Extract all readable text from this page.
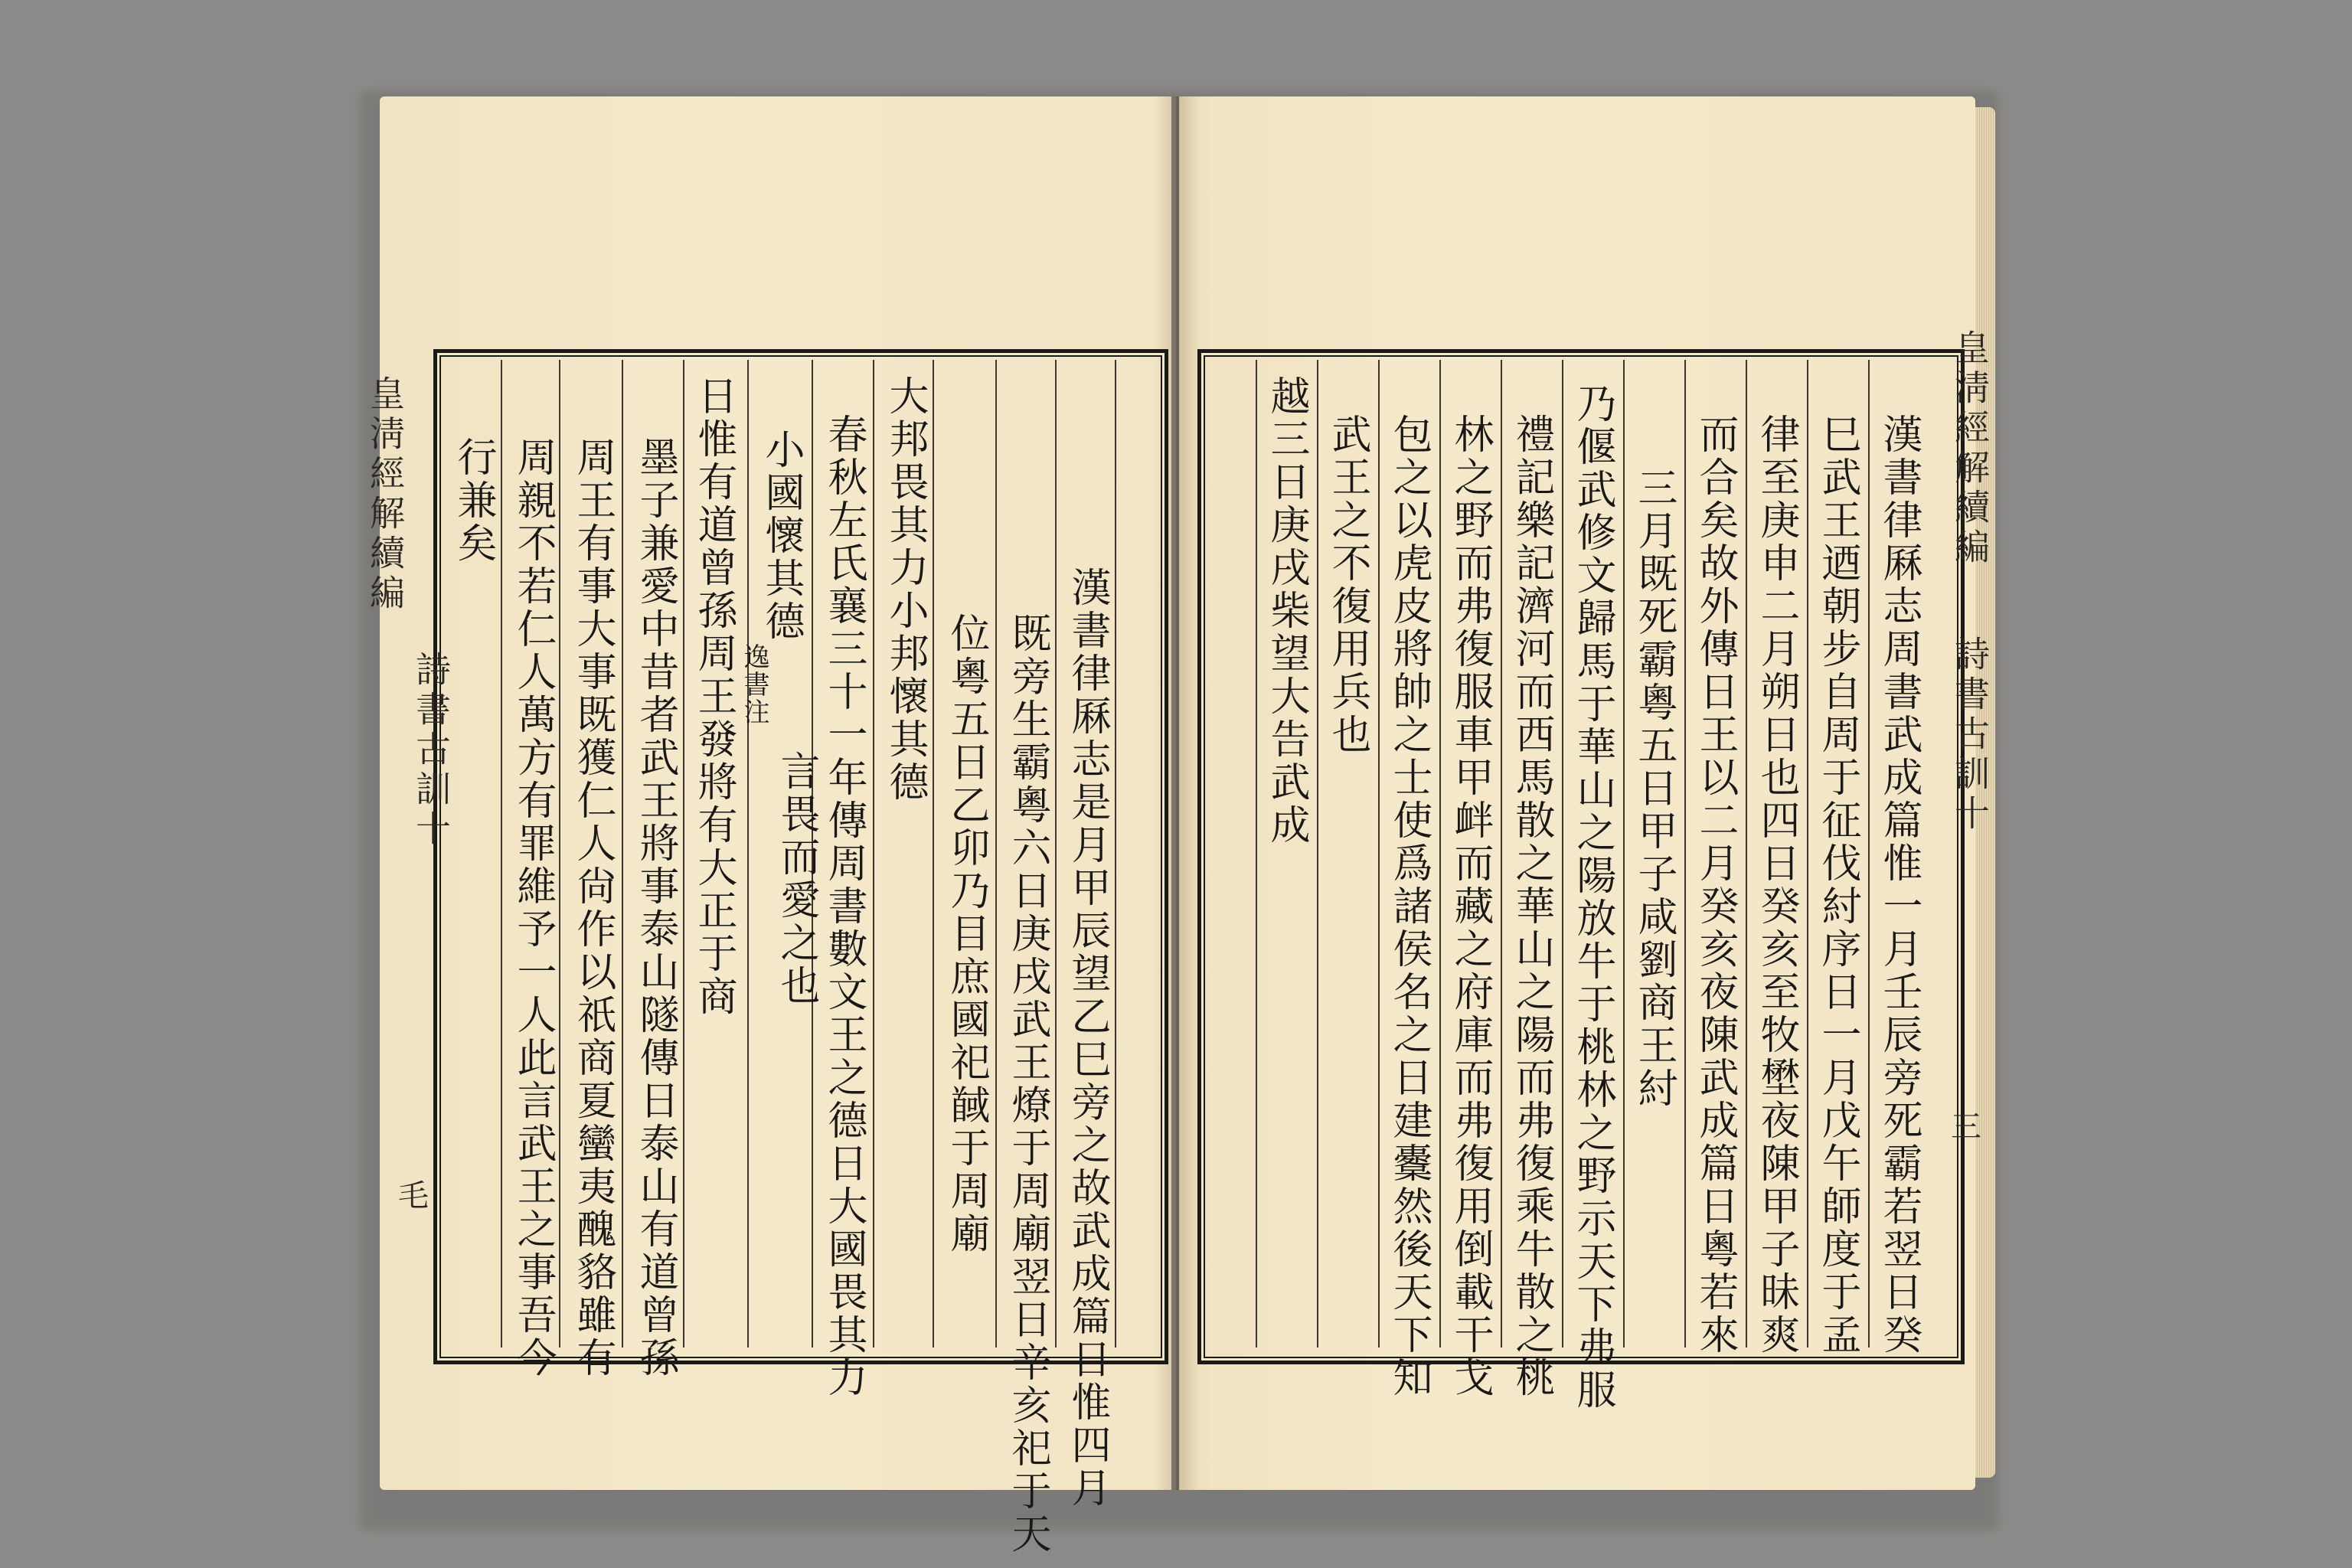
皇淸經解續編
詩書古訓十
毛	漢書律厤志是月甲辰望乙巳旁之故武成篇日惟四月
既旁生霸粵六日庚戌武王燎于周廟翌日辛亥祀于天
位粵五日乙卯乃目庶國祀馘于周廟
大邦畏其力小邦懷其德
春秋左氏襄三十一年傳周書數文王之德日大國畏其力
小國懷其德
逸書注
言畏而愛之也
日惟有道曾孫周王發將有大正于商
墨子兼愛中昔者武王將事泰山隧傳日泰山有道曾孫
周王有事大事既獲仁人尙作以祇商夏蠻夷醜貉雖有
周親不若仁人萬方有罪維予一人此言武王之事吾今
行兼矣	皇淸經解續編
詩書古訓十
三
漢書律厤志周書武成篇惟一月壬辰旁死霸若翌日癸
巳武王迺朝步自周于征伐紂序日一月戊午師度于孟
律至庚申二月朔日也四日癸亥至牧壄夜陳甲子昧爽
而合矣故外傳日王以二月癸亥夜陳武成篇日粵若來
三月既死霸粵五日甲子咸劉商王紂
乃偃武修文歸馬于華山之陽放牛于桃林之野示天下弗服
禮記樂記濟河而西馬散之華山之陽而弗復乘牛散之桃
林之野而弗復服車甲衅而藏之府庫而弗復用倒載干戈
包之以虎皮將帥之士使爲諸侯名之日建櫜然後天下知
武王之不復用兵也
越三日庚戌柴望大告武成
